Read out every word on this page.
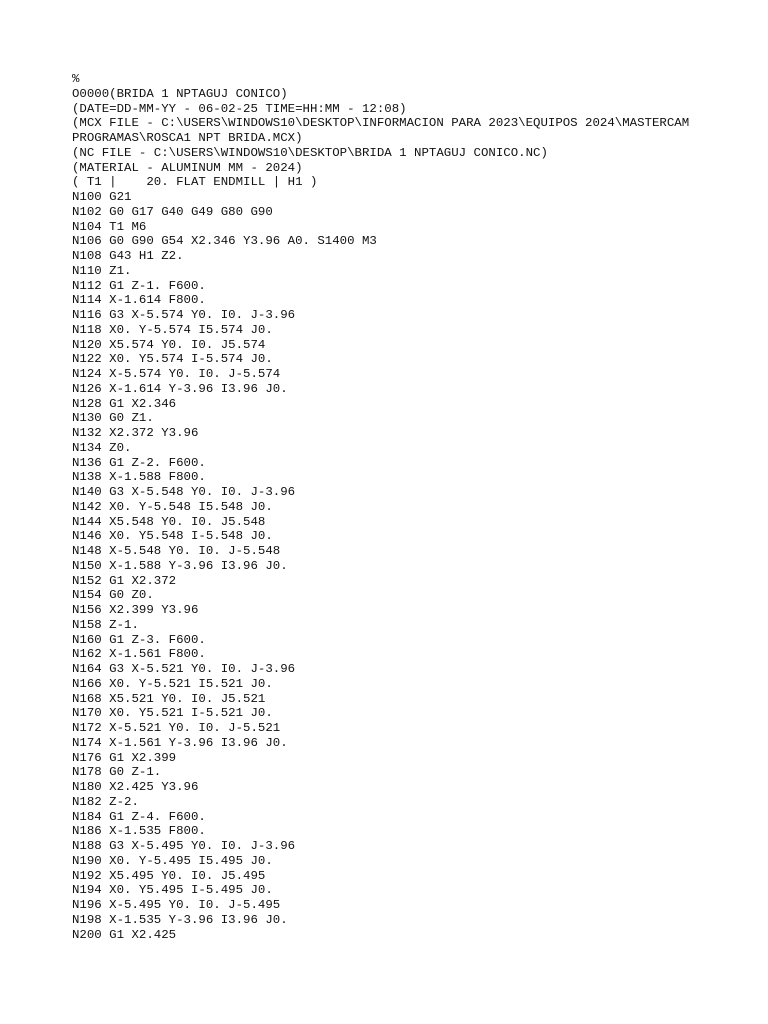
%
O0000(BRIDA 1 NPTAGUJ CONICO)
(DATE=DD-MM-YY - 06-02-25 TIME=HH:MM - 12:08)
(MCX FILE - C:\USERS\WINDOWS10\DESKTOP\INFORMACION PARA 2023\EQUIPOS 2024\MASTERCAM
PROGRAMAS\ROSCA1 NPT BRIDA.MCX)
(NC FILE - C:\USERS\WINDOWS10\DESKTOP\BRIDA 1 NPTAGUJ CONICO.NC)
(MATERIAL - ALUMINUM MM - 2024)
( T1 |    20. FLAT ENDMILL | H1 )
N100 G21
N102 G0 G17 G40 G49 G80 G90
N104 T1 M6
N106 G0 G90 G54 X2.346 Y3.96 A0. S1400 M3
N108 G43 H1 Z2.
N110 Z1.
N112 G1 Z-1. F600.
N114 X-1.614 F800.
N116 G3 X-5.574 Y0. I0. J-3.96
N118 X0. Y-5.574 I5.574 J0.
N120 X5.574 Y0. I0. J5.574
N122 X0. Y5.574 I-5.574 J0.
N124 X-5.574 Y0. I0. J-5.574
N126 X-1.614 Y-3.96 I3.96 J0.
N128 G1 X2.346
N130 G0 Z1.
N132 X2.372 Y3.96
N134 Z0.
N136 G1 Z-2. F600.
N138 X-1.588 F800.
N140 G3 X-5.548 Y0. I0. J-3.96
N142 X0. Y-5.548 I5.548 J0.
N144 X5.548 Y0. I0. J5.548
N146 X0. Y5.548 I-5.548 J0.
N148 X-5.548 Y0. I0. J-5.548
N150 X-1.588 Y-3.96 I3.96 J0.
N152 G1 X2.372
N154 G0 Z0.
N156 X2.399 Y3.96
N158 Z-1.
N160 G1 Z-3. F600.
N162 X-1.561 F800.
N164 G3 X-5.521 Y0. I0. J-3.96
N166 X0. Y-5.521 I5.521 J0.
N168 X5.521 Y0. I0. J5.521
N170 X0. Y5.521 I-5.521 J0.
N172 X-5.521 Y0. I0. J-5.521
N174 X-1.561 Y-3.96 I3.96 J0.
N176 G1 X2.399
N178 G0 Z-1.
N180 X2.425 Y3.96
N182 Z-2.
N184 G1 Z-4. F600.
N186 X-1.535 F800.
N188 G3 X-5.495 Y0. I0. J-3.96
N190 X0. Y-5.495 I5.495 J0.
N192 X5.495 Y0. I0. J5.495
N194 X0. Y5.495 I-5.495 J0.
N196 X-5.495 Y0. I0. J-5.495
N198 X-1.535 Y-3.96 I3.96 J0.
N200 G1 X2.425
